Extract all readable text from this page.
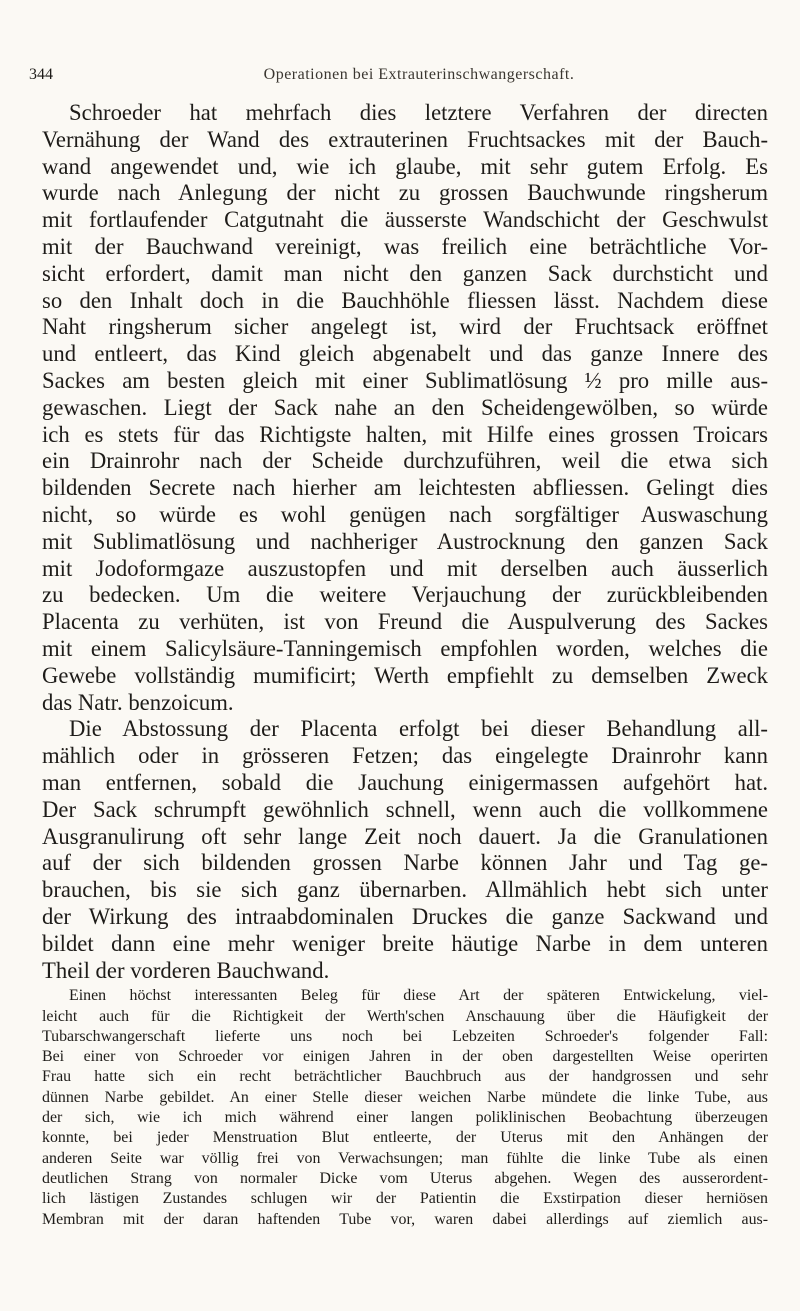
344	Operationen bei Extrauterinschwangerschaft.
Schroeder hat mehrfach dies letztere Verfahren der directen
Vernähung der Wand des extrauterinen Fruchtsackes mit der Bauch-
wand angewendet und, wie ich glaube, mit sehr gutem Erfolg. Es
wurde nach Anlegung der nicht zu grossen Bauchwunde ringsherum
mit fortlaufender Catgutnaht die äusserste Wandschicht der Geschwulst
mit der Bauchwand vereinigt, was freilich eine beträchtliche Vor-
sicht erfordert, damit man nicht den ganzen Sack durchsticht und
so den Inhalt doch in die Bauchhöhle fliessen lässt. Nachdem diese
Naht ringsherum sicher angelegt ist, wird der Fruchtsack eröffnet
und entleert, das Kind gleich abgenabelt und das ganze Innere des
Sackes am besten gleich mit einer Sublimatlösung ½ pro mille aus-
gewaschen. Liegt der Sack nahe an den Scheidengewölben, so würde
ich es stets für das Richtigste halten, mit Hilfe eines grossen Troicars
ein Drainrohr nach der Scheide durchzuführen, weil die etwa sich
bildenden Secrete nach hierher am leichtesten abfliessen. Gelingt dies
nicht, so würde es wohl genügen nach sorgfältiger Auswaschung
mit Sublimatlösung und nachheriger Austrocknung den ganzen Sack
mit Jodoformgaze auszustopfen und mit derselben auch äusserlich
zu bedecken. Um die weitere Verjauchung der zurückbleibenden
Placenta zu verhüten, ist von Freund die Auspulverung des Sackes
mit einem Salicylsäure-Tanningemisch empfohlen worden, welches die
Gewebe vollständig mumificirt; Werth empfiehlt zu demselben Zweck
das Natr. benzoicum.
Die Abstossung der Placenta erfolgt bei dieser Behandlung all-
mählich oder in grösseren Fetzen; das eingelegte Drainrohr kann
man entfernen, sobald die Jauchung einigermassen aufgehört hat.
Der Sack schrumpft gewöhnlich schnell, wenn auch die vollkommene
Ausgranulirung oft sehr lange Zeit noch dauert. Ja die Granulationen
auf der sich bildenden grossen Narbe können Jahr und Tag ge-
brauchen, bis sie sich ganz übernarben. Allmählich hebt sich unter
der Wirkung des intraabdominalen Druckes die ganze Sackwand und
bildet dann eine mehr weniger breite häutige Narbe in dem unteren
Theil der vorderen Bauchwand.
Einen höchst interessanten Beleg für diese Art der späteren Entwickelung, viel-
leicht auch für die Richtigkeit der Werth'schen Anschauung über die Häufigkeit der
Tubarschwangerschaft lieferte uns noch bei Lebzeiten Schroeder's folgender Fall:
Bei einer von Schroeder vor einigen Jahren in der oben dargestellten Weise operirten
Frau hatte sich ein recht beträchtlicher Bauchbruch aus der handgrossen und sehr
dünnen Narbe gebildet. An einer Stelle dieser weichen Narbe mündete die linke Tube, aus
der sich, wie ich mich während einer langen poliklinischen Beobachtung überzeugen
konnte, bei jeder Menstruation Blut entleerte, der Uterus mit den Anhängen der
anderen Seite war völlig frei von Verwachsungen; man fühlte die linke Tube als einen
deutlichen Strang von normaler Dicke vom Uterus abgehen. Wegen des ausserordent-
lich lästigen Zustandes schlugen wir der Patientin die Exstirpation dieser herniösen
Membran mit der daran haftenden Tube vor, waren dabei allerdings auf ziemlich aus-
